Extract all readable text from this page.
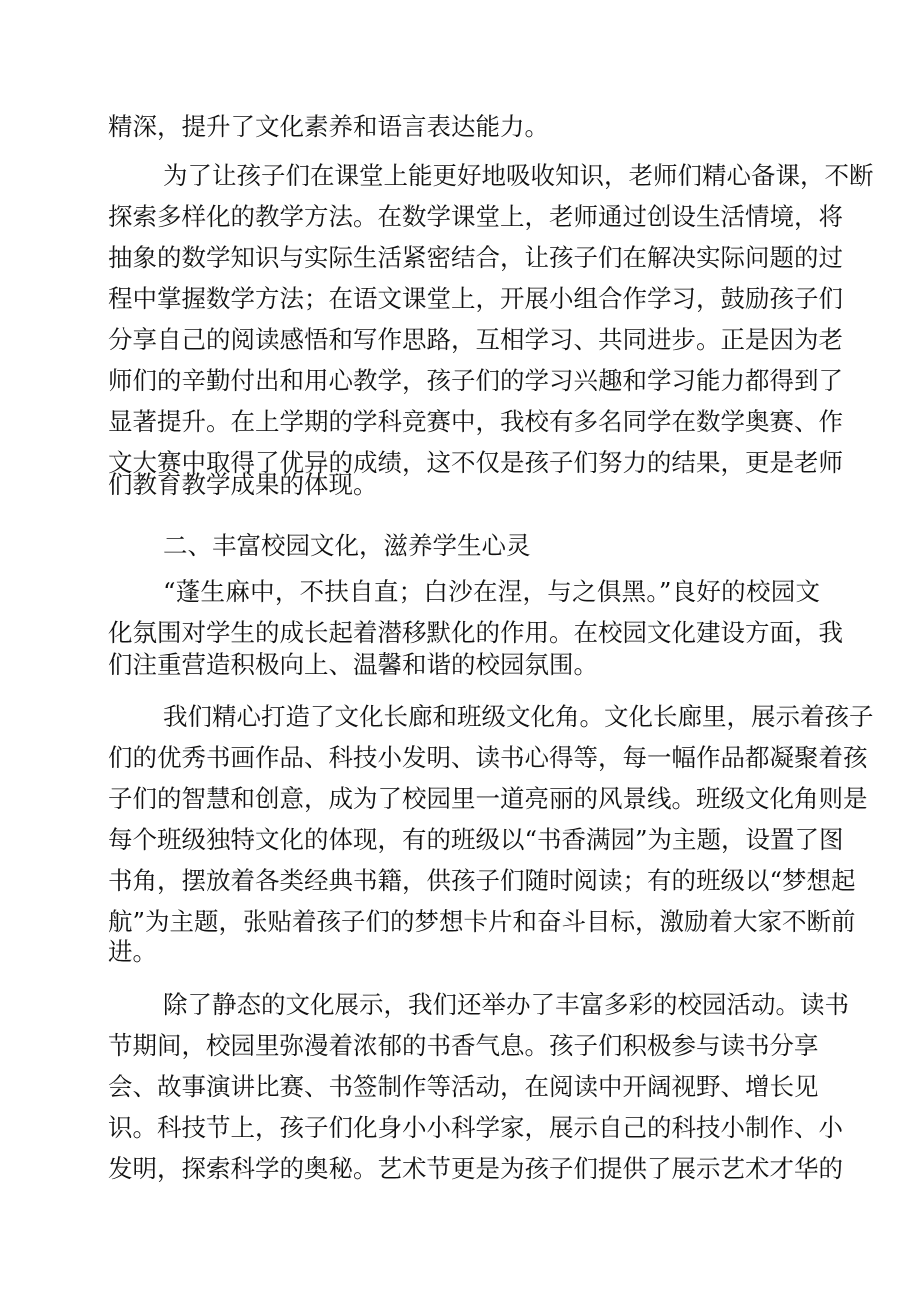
精深，提升了文化素养和语言表达能力。
为了让孩子们在课堂上能更好地吸收知识，老师们精心备课，不断
探索多样化的教学方法。在数学课堂上，老师通过创设生活情境，将
抽象的数学知识与实际生活紧密结合，让孩子们在解决实际问题的过
程中掌握数学方法；在语文课堂上，开展小组合作学习，鼓励孩子们
分享自己的阅读感悟和写作思路，互相学习、共同进步。正是因为老
师们的辛勤付出和用心教学，孩子们的学习兴趣和学习能力都得到了
显著提升。在上学期的学科竞赛中，我校有多名同学在数学奥赛、作
文大赛中取得了优异的成绩，这不仅是孩子们努力的结果，更是老师
们教育教学成果的体现。
二、丰富校园文化，滋养学生心灵
“蓬生麻中，不扶自直；白沙在涅，与之俱黑。”良好的校园文
化氛围对学生的成长起着潜移默化的作用。在校园文化建设方面，我
们注重营造积极向上、温馨和谐的校园氛围。
我们精心打造了文化长廊和班级文化角。文化长廊里，展示着孩子
们的优秀书画作品、科技小发明、读书心得等，每一幅作品都凝聚着孩
子们的智慧和创意，成为了校园里一道亮丽的风景线。班级文化角则是
每个班级独特文化的体现，有的班级以“书香满园”为主题，设置了图
书角，摆放着各类经典书籍，供孩子们随时阅读；有的班级以“梦想起
航”为主题，张贴着孩子们的梦想卡片和奋斗目标，激励着大家不断前
进。
除了静态的文化展示，我们还举办了丰富多彩的校园活动。读书
节期间，校园里弥漫着浓郁的书香气息。孩子们积极参与读书分享
会、故事演讲比赛、书签制作等活动，在阅读中开阔视野、增长见
识。科技节上，孩子们化身小小科学家，展示自己的科技小制作、小
发明，探索科学的奥秘。艺术节更是为孩子们提供了展示艺术才华的
